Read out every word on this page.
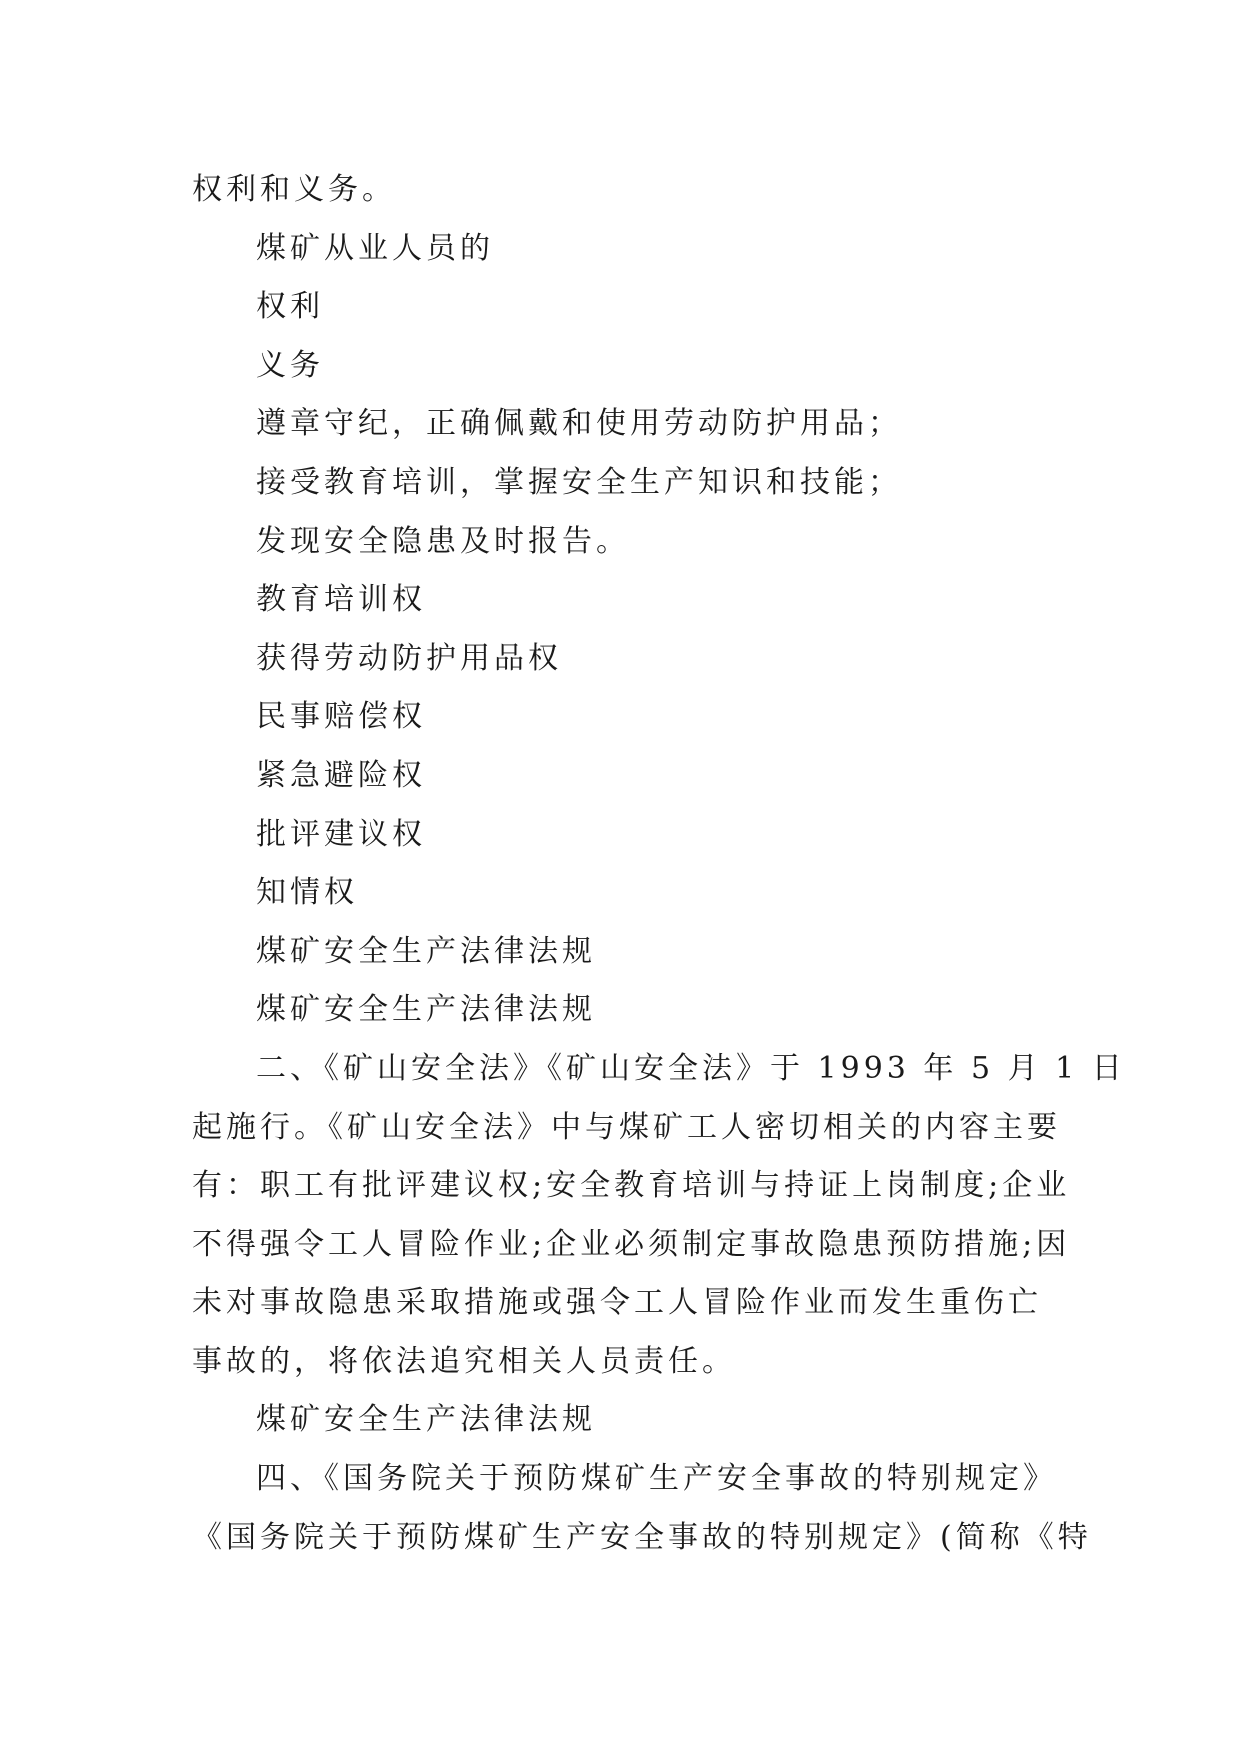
权利和义务。
煤矿从业人员的
权利
义务
遵章守纪，正确佩戴和使用劳动防护用品；
接受教育培训，掌握安全生产知识和技能；
发现安全隐患及时报告。
教育培训权
获得劳动防护用品权
民事赔偿权
紧急避险权
批评建议权
知情权
煤矿安全生产法律法规
煤矿安全生产法律法规
二、《矿山安全法》《矿山安全法》于 1993 年 5 月 1 日
起施行。《矿山安全法》中与煤矿工人密切相关的内容主要
有：职工有批评建议权;安全教育培训与持证上岗制度;企业
不得强令工人冒险作业;企业必须制定事故隐患预防措施;因
未对事故隐患采取措施或强令工人冒险作业而发生重伤亡
事故的，将依法追究相关人员责任。
煤矿安全生产法律法规
四、《国务院关于预防煤矿生产安全事故的特别规定》
《国务院关于预防煤矿生产安全事故的特别规定》(简称《特
